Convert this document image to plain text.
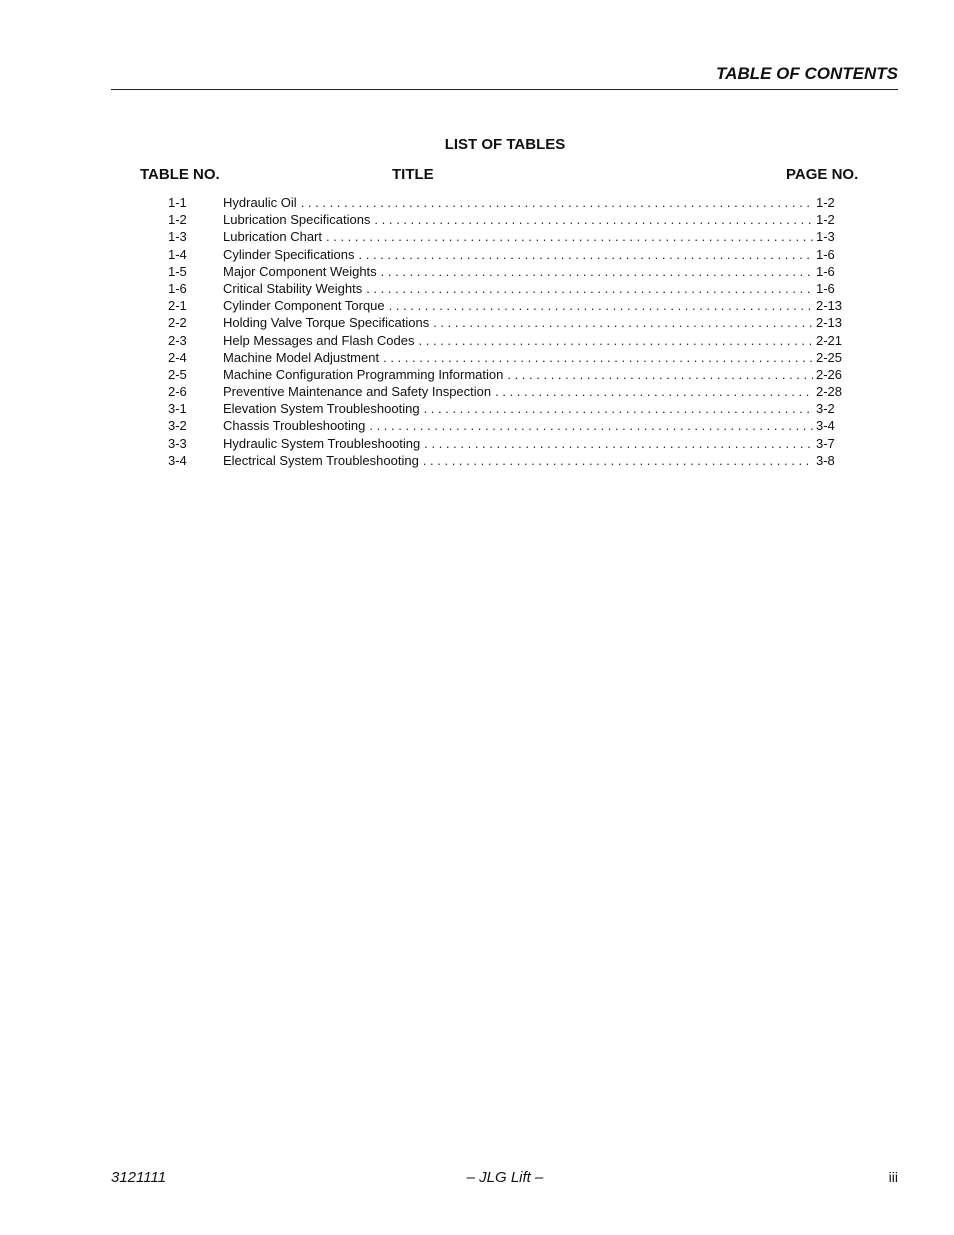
TABLE OF CONTENTS
LIST OF TABLES
TABLE NO.	TITLE	PAGE NO.
1-1	Hydraulic Oil . . .	1-2
1-2	Lubrication Specifications . . .	1-2
1-3	Lubrication Chart . . .	1-3
1-4	Cylinder Specifications . . .	1-6
1-5	Major Component Weights . . .	1-6
1-6	Critical Stability Weights . . .	1-6
2-1	Cylinder Component Torque . . .	2-13
2-2	Holding Valve Torque Specifications . . .	2-13
2-3	Help Messages and Flash Codes . . .	2-21
2-4	Machine Model Adjustment . . .	2-25
2-5	Machine Configuration Programming Information . . .	2-26
2-6	Preventive Maintenance and Safety Inspection . . .	2-28
3-1	Elevation System Troubleshooting . . .	3-2
3-2	Chassis Troubleshooting . . .	3-4
3-3	Hydraulic System Troubleshooting . . .	3-7
3-4	Electrical System Troubleshooting . . .	3-8
3121111	– JLG Lift –	iii
